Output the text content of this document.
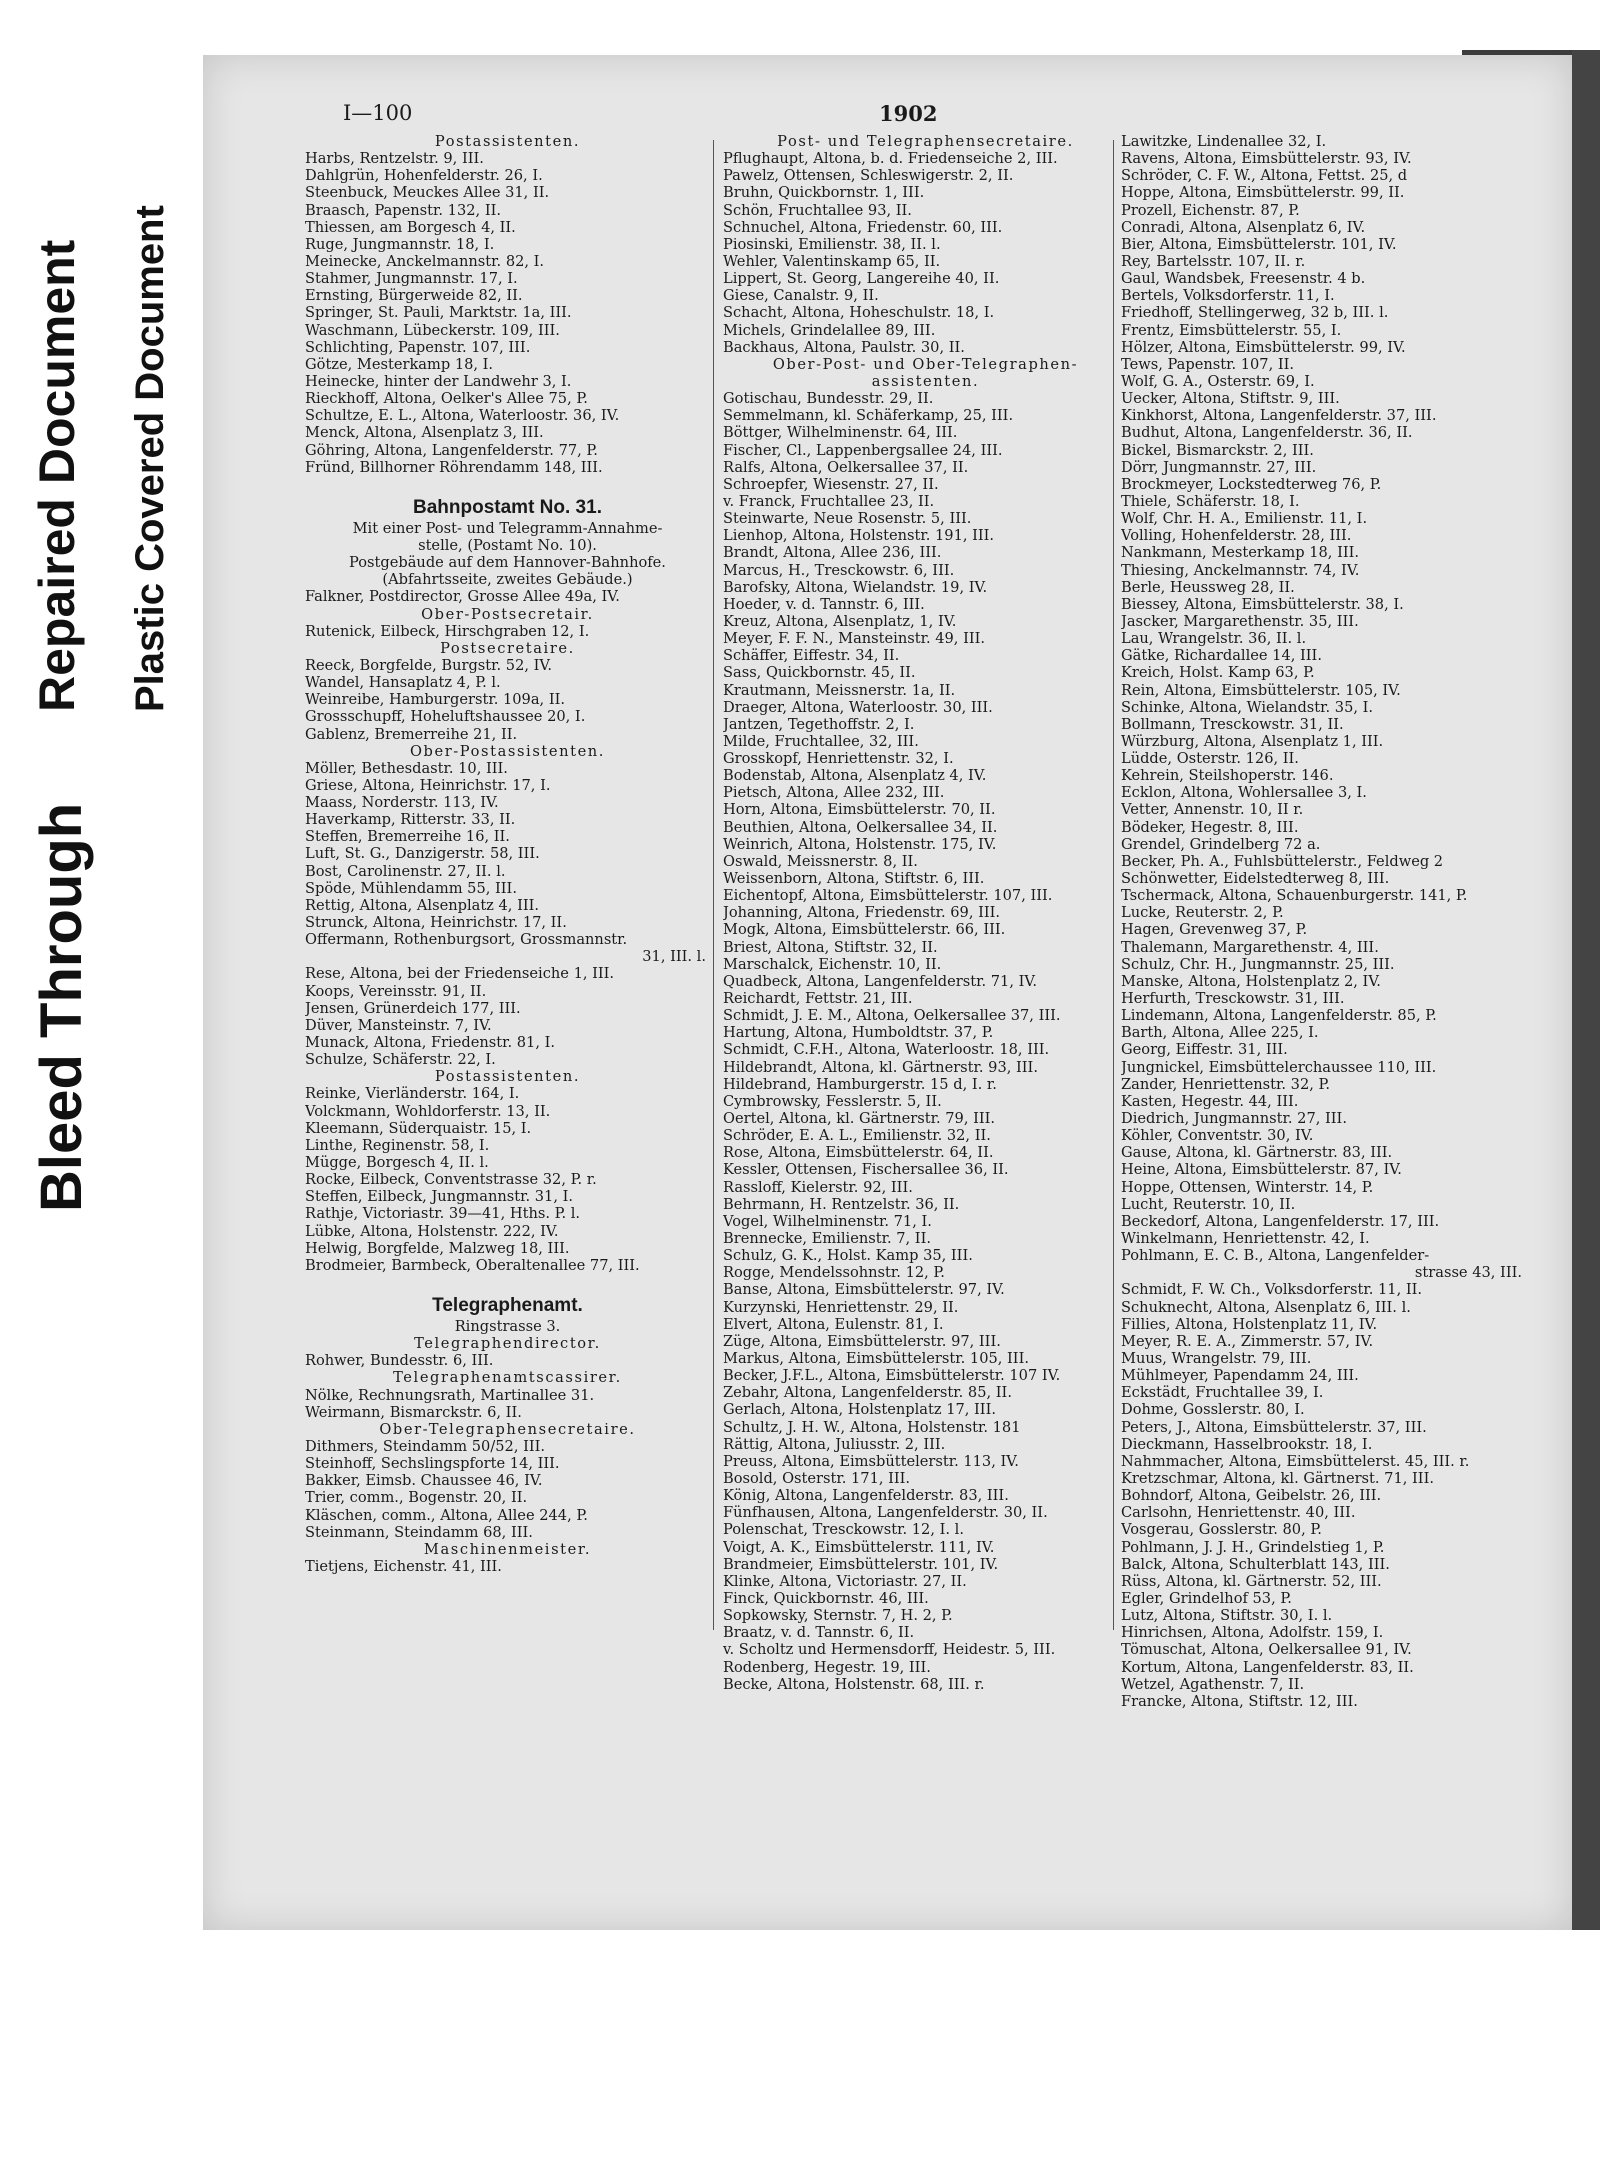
Bleed Through
Repaired Document Plastic Covered Document
I—100	1902
Postassistenten.
Harbs, Rentzelstr. 9, III.
Dahlgrün, Hohenfelderstr. 26, I.
Steenbuck, Meuckes Allee 31, II.
Braasch, Papenstr. 132, II.
Thiessen, am Borgesch 4, II.
Ruge, Jungmannstr. 18, I.
Meinecke, Anckelmannstr. 82, I.
Stahmer, Jungmannstr. 17, I.
Ernsting, Bürgerweide 82, II.
Springer, St. Pauli, Marktstr. 1a, III.
Waschmann, Lübeckerstr. 109, III.
Schlichting, Papenstr. 107, III.
Götze, Mesterkamp 18, I.
Heinecke, hinter der Landwehr 3, I.
Rieckhoff, Altona, Oelker's Allee 75, P.
Schultze, E. L., Altona, Waterloostr. 36, IV.
Menck, Altona, Alsenplatz 3, III.
Göhring, Altona, Langenfelderstr. 77, P.
Fründ, Billhorner Röhrendamm 148, III.
Bahnpostamt No. 31.
Mit einer Post- und Telegramm-Annahme-
stelle, (Postamt No. 10).
Postgebäude auf dem Hannover-Bahnhofe.
(Abfahrtsseite, zweites Gebäude.)
Falkner, Postdirector, Grosse Allee 49a, IV.
Ober-Postsecretair.
Rutenick, Eilbeck, Hirschgraben 12, I.
Postsecretaire.
Reeck, Borgfelde, Burgstr. 52, IV.
Wandel, Hansaplatz 4, P. l.
Weinreibe, Hamburgerstr. 109a, II.
Grossschupff, Hoheluftshaussee 20, I.
Gablenz, Bremerreihe 21, II.
Ober-Postassistenten.
Möller, Bethesdastr. 10, III.
Griese, Altona, Heinrichstr. 17, I.
Maass, Norderstr. 113, IV.
Haverkamp, Ritterstr. 33, II.
Steffen, Bremerreihe 16, II.
Luft, St. G., Danzigerstr. 58, III.
Bost, Carolinenstr. 27, II. l.
Spöde, Mühlendamm 55, III.
Rettig, Altona, Alsenplatz 4, III.
Strunck, Altona, Heinrichstr. 17, II.
Offermann, Rothenburgsort, Grossmannstr.
31, III. l.
Rese, Altona, bei der Friedenseiche 1, III.
Koops, Vereinsstr. 91, II.
Jensen, Grünerdeich 177, III.
Düver, Mansteinstr. 7, IV.
Munack, Altona, Friedenstr. 81, I.
Schulze, Schäferstr. 22, I.
Postassistenten.
Reinke, Vierländerstr. 164, I.
Volckmann, Wohldorferstr. 13, II.
Kleemann, Süderquaistr. 15, I.
Linthe, Reginenstr. 58, I.
Mügge, Borgesch 4, II. l.
Rocke, Eilbeck, Conventstrasse 32, P. r.
Steffen, Eilbeck, Jungmannstr. 31, I.
Rathje, Victoriastr. 39—41, Hths. P. l.
Lübke, Altona, Holstenstr. 222, IV.
Helwig, Borgfelde, Malzweg 18, III.
Brodmeier, Barmbeck, Oberaltenallee 77, III.
Telegraphenamt.
Ringstrasse 3.
Telegraphendirector.
Rohwer, Bundesstr. 6, III.
Telegraphenamtscassirer.
Nölke, Rechnungsrath, Martinallee 31.
Weirmann, Bismarckstr. 6, II.
Ober-Telegraphensecretaire.
Dithmers, Steindamm 50/52, III.
Steinhoff, Sechslingspforte 14, III.
Bakker, Eimsb. Chaussee 46, IV.
Trier, comm., Bogenstr. 20, II.
Kläschen, comm., Altona, Allee 244, P.
Steinmann, Steindamm 68, III.
Maschinenmeister.
Tietjens, Eichenstr. 41, III.
Post- und Telegraphensecretaire.
Pflughaupt, Altona, b. d. Friedenseiche 2, III.
Pawelz, Ottensen, Schleswigerstr. 2, II.
Bruhn, Quickbornstr. 1, III.
Schön, Fruchtallee 93, II.
Schnuchel, Altona, Friedenstr. 60, III.
Piosinski, Emilienstr. 38, II. l.
Wehler, Valentinskamp 65, II.
Lippert, St. Georg, Langereihe 40, II.
Giese, Canalstr. 9, II.
Schacht, Altona, Hoheschulstr. 18, I.
Michels, Grindelallee 89, III.
Backhaus, Altona, Paulstr. 30, II.
Ober-Post- und Ober-Telegraphen-
assistenten.
Gotischau, Bundesstr. 29, II.
Semmelmann, kl. Schäferkamp, 25, III.
Böttger, Wilhelminenstr. 64, III.
Fischer, Cl., Lappenbergsallee 24, III.
Ralfs, Altona, Oelkersallee 37, II.
Schroepfer, Wiesenstr. 27, II.
v. Franck, Fruchtallee 23, II.
Steinwarte, Neue Rosenstr. 5, III.
Lienhop, Altona, Holstenstr. 191, III.
Brandt, Altona, Allee 236, III.
Marcus, H., Tresckowstr. 6, III.
Barofsky, Altona, Wielandstr. 19, IV.
Hoeder, v. d. Tannstr. 6, III.
Kreuz, Altona, Alsenplatz, 1, IV.
Meyer, F. F. N., Mansteinstr. 49, III.
Schäffer, Eiffestr. 34, II.
Sass, Quickbornstr. 45, II.
Krautmann, Meissnerstr. 1a, II.
Draeger, Altona, Waterloostr. 30, III.
Jantzen, Tegethoffstr. 2, I.
Milde, Fruchtallee, 32, III.
Grosskopf, Henriettenstr. 32, I.
Bodenstab, Altona, Alsenplatz 4, IV.
Pietsch, Altona, Allee 232, III.
Horn, Altona, Eimsbüttelerstr. 70, II.
Beuthien, Altona, Oelkersallee 34, II.
Weinrich, Altona, Holstenstr. 175, IV.
Oswald, Meissnerstr. 8, II.
Weissenborn, Altona, Stiftstr. 6, III.
Eichentopf, Altona, Eimsbüttelerstr. 107, III.
Johanning, Altona, Friedenstr. 69, III.
Mogk, Altona, Eimsbüttelerstr. 66, III.
Briest, Altona, Stiftstr. 32, II.
Marschalck, Eichenstr. 10, II.
Quadbeck, Altona, Langenfelderstr. 71, IV.
Reichardt, Fettstr. 21, III.
Schmidt, J. E. M., Altona, Oelkersallee 37, III.
Hartung, Altona, Humboldtstr. 37, P.
Schmidt, C.F.H., Altona, Waterloostr. 18, III.
Hildebrandt, Altona, kl. Gärtnerstr. 93, III.
Hildebrand, Hamburgerstr. 15 d, I. r.
Cymbrowsky, Fesslerstr. 5, II.
Oertel, Altona, kl. Gärtnerstr. 79, III.
Schröder, E. A. L., Emilienstr. 32, II.
Rose, Altona, Eimsbüttelerstr. 64, II.
Kessler, Ottensen, Fischersallee 36, II.
Rassloff, Kielerstr. 92, III.
Behrmann, H. Rentzelstr. 36, II.
Vogel, Wilhelminenstr. 71, I.
Brennecke, Emilienstr. 7, II.
Schulz, G. K., Holst. Kamp 35, III.
Rogge, Mendelssohnstr. 12, P.
Banse, Altona, Eimsbüttelerstr. 97, IV.
Kurzynski, Henriettenstr. 29, II.
Elvert, Altona, Eulenstr. 81, I.
Züge, Altona, Eimsbüttelerstr. 97, III.
Markus, Altona, Eimsbüttelerstr. 105, III.
Becker, J.F.L., Altona, Eimsbüttelerstr. 107 IV.
Zebahr, Altona, Langenfelderstr. 85, II.
Gerlach, Altona, Holstenplatz 17, III.
Schultz, J. H. W., Altona, Holstenstr. 181
Rättig, Altona, Juliusstr. 2, III.
Preuss, Altona, Eimsbüttelerstr. 113, IV.
Bosold, Osterstr. 171, III.
König, Altona, Langenfelderstr. 83, III.
Fünfhausen, Altona, Langenfelderstr. 30, II.
Polenschat, Tresckowstr. 12, I. l.
Voigt, A. K., Eimsbüttelerstr. 111, IV.
Brandmeier, Eimsbüttelerstr. 101, IV.
Klinke, Altona, Victoriastr. 27, II.
Finck, Quickbornstr. 46, III.
Sopkowsky, Sternstr. 7, H. 2, P.
Braatz, v. d. Tannstr. 6, II.
v. Scholtz und Hermensdorff, Heidestr. 5, III.
Rodenberg, Hegestr. 19, III.
Becke, Altona, Holstenstr. 68, III. r.
Lawitzke, Lindenallee 32, I.
Ravens, Altona, Eimsbüttelerstr. 93, IV.
Schröder, C. F. W., Altona, Fettst. 25, d
Hoppe, Altona, Eimsbüttelerstr. 99, II.
Prozell, Eichenstr. 87, P.
Conradi, Altona, Alsenplatz 6, IV.
Bier, Altona, Eimsbüttelerstr. 101, IV.
Rey, Bartelsstr. 107, II. r.
Gaul, Wandsbek, Freesenstr. 4 b.
Bertels, Volksdorferstr. 11, I.
Friedhoff, Stellingerweg, 32 b, III. l.
Frentz, Eimsbüttelerstr. 55, I.
Hölzer, Altona, Eimsbüttelerstr. 99, IV.
Tews, Papenstr. 107, II.
Wolf, G. A., Osterstr. 69, I.
Uecker, Altona, Stiftstr. 9, III.
Kinkhorst, Altona, Langenfelderstr. 37, III.
Budhut, Altona, Langenfelderstr. 36, II.
Bickel, Bismarckstr. 2, III.
Dörr, Jungmannstr. 27, III.
Brockmeyer, Lockstedterweg 76, P.
Thiele, Schäferstr. 18, I.
Wolf, Chr. H. A., Emilienstr. 11, I.
Volling, Hohenfelderstr. 28, III.
Nankmann, Mesterkamp 18, III.
Thiesing, Anckelmannstr. 74, IV.
Berle, Heussweg 28, II.
Biessey, Altona, Eimsbüttelerstr. 38, I.
Jascker, Margarethenstr. 35, III.
Lau, Wrangelstr. 36, II. l.
Gätke, Richardallee 14, III.
Kreich, Holst. Kamp 63, P.
Rein, Altona, Eimsbüttelerstr. 105, IV.
Schinke, Altona, Wielandstr. 35, I.
Bollmann, Tresckowstr. 31, II.
Würzburg, Altona, Alsenplatz 1, III.
Lüdde, Osterstr. 126, II.
Kehrein, Steilshoperstr. 146.
Ecklon, Altona, Wohlersallee 3, I.
Vetter, Annenstr. 10, II r.
Bödeker, Hegestr. 8, III.
Grendel, Grindelberg 72 a.
Becker, Ph. A., Fuhlsbüttelerstr., Feldweg 2
Schönwetter, Eidelstedterweg 8, III.
Tschermack, Altona, Schauenburgerstr. 141, P.
Lucke, Reuterstr. 2, P.
Hagen, Grevenweg 37, P.
Thalemann, Margarethenstr. 4, III.
Schulz, Chr. H., Jungmannstr. 25, III.
Manske, Altona, Holstenplatz 2, IV.
Herfurth, Tresckowstr. 31, III.
Lindemann, Altona, Langenfelderstr. 85, P.
Barth, Altona, Allee 225, I.
Georg, Eiffestr. 31, III.
Jungnickel, Eimsbüttelerchaussee 110, III.
Zander, Henriettenstr. 32, P.
Kasten, Hegestr. 44, III.
Diedrich, Jungmannstr. 27, III.
Köhler, Conventstr. 30, IV.
Gause, Altona, kl. Gärtnerstr. 83, III.
Heine, Altona, Eimsbüttelerstr. 87, IV.
Hoppe, Ottensen, Winterstr. 14, P.
Lucht, Reuterstr. 10, II.
Beckedorf, Altona, Langenfelderstr. 17, III.
Winkelmann, Henriettenstr. 42, I.
Pohlmann, E. C. B., Altona, Langenfelder-
strasse 43, III.
Schmidt, F. W. Ch., Volksdorferstr. 11, II.
Schuknecht, Altona, Alsenplatz 6, III. l.
Fillies, Altona, Holstenplatz 11, IV.
Meyer, R. E. A., Zimmerstr. 57, IV.
Muus, Wrangelstr. 79, III.
Mühlmeyer, Papendamm 24, III.
Eckstädt, Fruchtallee 39, I.
Dohme, Gosslerstr. 80, I.
Peters, J., Altona, Eimsbüttelerstr. 37, III.
Dieckmann, Hasselbrookstr. 18, I.
Nahmmacher, Altona, Eimsbüttelerst. 45, III. r.
Kretzschmar, Altona, kl. Gärtnerst. 71, III.
Bohndorf, Altona, Geibelstr. 26, III.
Carlsohn, Henriettenstr. 40, III.
Vosgerau, Gosslerstr. 80, P.
Pohlmann, J. J. H., Grindelstieg 1, P.
Balck, Altona, Schulterblatt 143, III.
Rüss, Altona, kl. Gärtnerstr. 52, III.
Egler, Grindelhof 53, P.
Lutz, Altona, Stiftstr. 30, I. l.
Hinrichsen, Altona, Adolfstr. 159, I.
Tömuschat, Altona, Oelkersallee 91, IV.
Kortum, Altona, Langenfelderstr. 83, II.
Wetzel, Agathenstr. 7, II.
Francke, Altona, Stiftstr. 12, III.
